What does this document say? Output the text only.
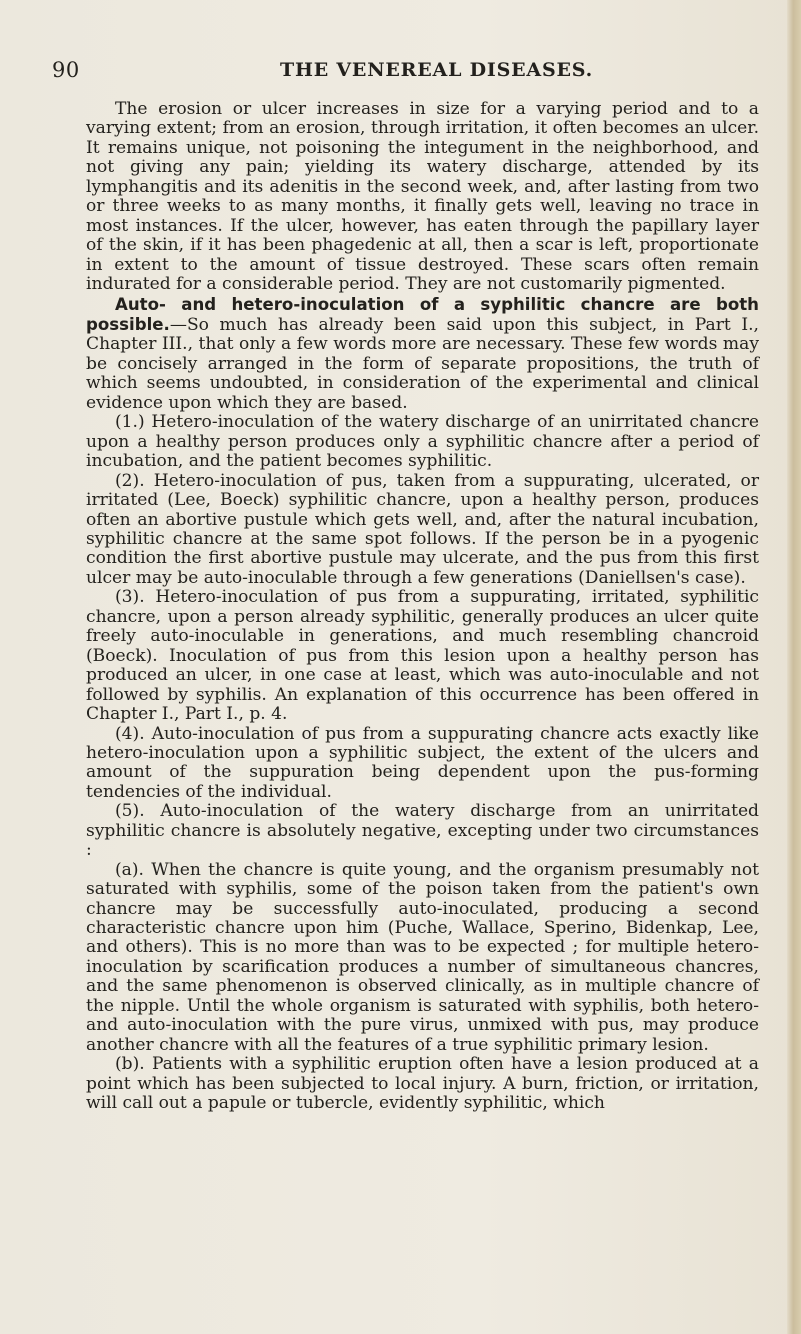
90	THE VENEREAL DISEASES.

The erosion or ulcer increases in size for a varying period and to a varying extent; from an erosion, through irritation, it often becomes an ulcer. It remains unique, not poisoning the integument in the neighborhood, and not giving any pain; yielding its watery discharge, attended by its lymphangitis and its adenitis in the second week, and, after lasting from two or three weeks to as many months, it finally gets well, leaving no trace in most instances. If the ulcer, however, has eaten through the papillary layer of the skin, if it has been phagedenic at all, then a scar is left, proportionate in extent to the amount of tissue destroyed. These scars often remain indurated for a considerable period. They are not customarily pigmented.

Auto- and hetero-inoculation of a syphilitic chancre are both possible.—So much has already been said upon this subject, in Part I., Chapter III., that only a few words more are necessary. These few words may be concisely arranged in the form of separate propositions, the truth of which seems undoubted, in consideration of the experimental and clinical evidence upon which they are based.

(1.) Hetero-inoculation of the watery discharge of an unirritated chancre upon a healthy person produces only a syphilitic chancre after a period of incubation, and the patient becomes syphilitic.

(2). Hetero-inoculation of pus, taken from a suppurating, ulcerated, or irritated (Lee, Boeck) syphilitic chancre, upon a healthy person, produces often an abortive pustule which gets well, and, after the natural incubation, syphilitic chancre at the same spot follows. If the person be in a pyogenic condition the first abortive pustule may ulcerate, and the pus from this first ulcer may be auto-inoculable through a few generations (Daniellsen's case).

(3). Hetero-inoculation of pus from a suppurating, irritated, syphilitic chancre, upon a person already syphilitic, generally produces an ulcer quite freely auto-inoculable in generations, and much resembling chancroid (Boeck). Inoculation of pus from this lesion upon a healthy person has produced an ulcer, in one case at least, which was auto-inoculable and not followed by syphilis. An explanation of this occurrence has been offered in Chapter I., Part I., p. 4.

(4). Auto-inoculation of pus from a suppurating chancre acts exactly like hetero-inoculation upon a syphilitic subject, the extent of the ulcers and amount of the suppuration being dependent upon the pus-forming tendencies of the individual.

(5). Auto-inoculation of the watery discharge from an unirritated syphilitic chancre is absolutely negative, excepting under two circumstances :

(a). When the chancre is quite young, and the organism presumably not saturated with syphilis, some of the poison taken from the patient's own chancre may be successfully auto-inoculated, producing a second characteristic chancre upon him (Puche, Wallace, Sperino, Bidenkap, Lee, and others). This is no more than was to be expected ; for multiple hetero-inoculation by scarification produces a number of simultaneous chancres, and the same phenomenon is observed clinically, as in multiple chancre of the nipple. Until the whole organism is saturated with syphilis, both hetero- and auto-inoculation with the pure virus, unmixed with pus, may produce another chancre with all the features of a true syphilitic primary lesion.

(b). Patients with a syphilitic eruption often have a lesion produced at a point which has been subjected to local injury. A burn, friction, or irritation, will call out a papule or tubercle, evidently syphilitic, which
